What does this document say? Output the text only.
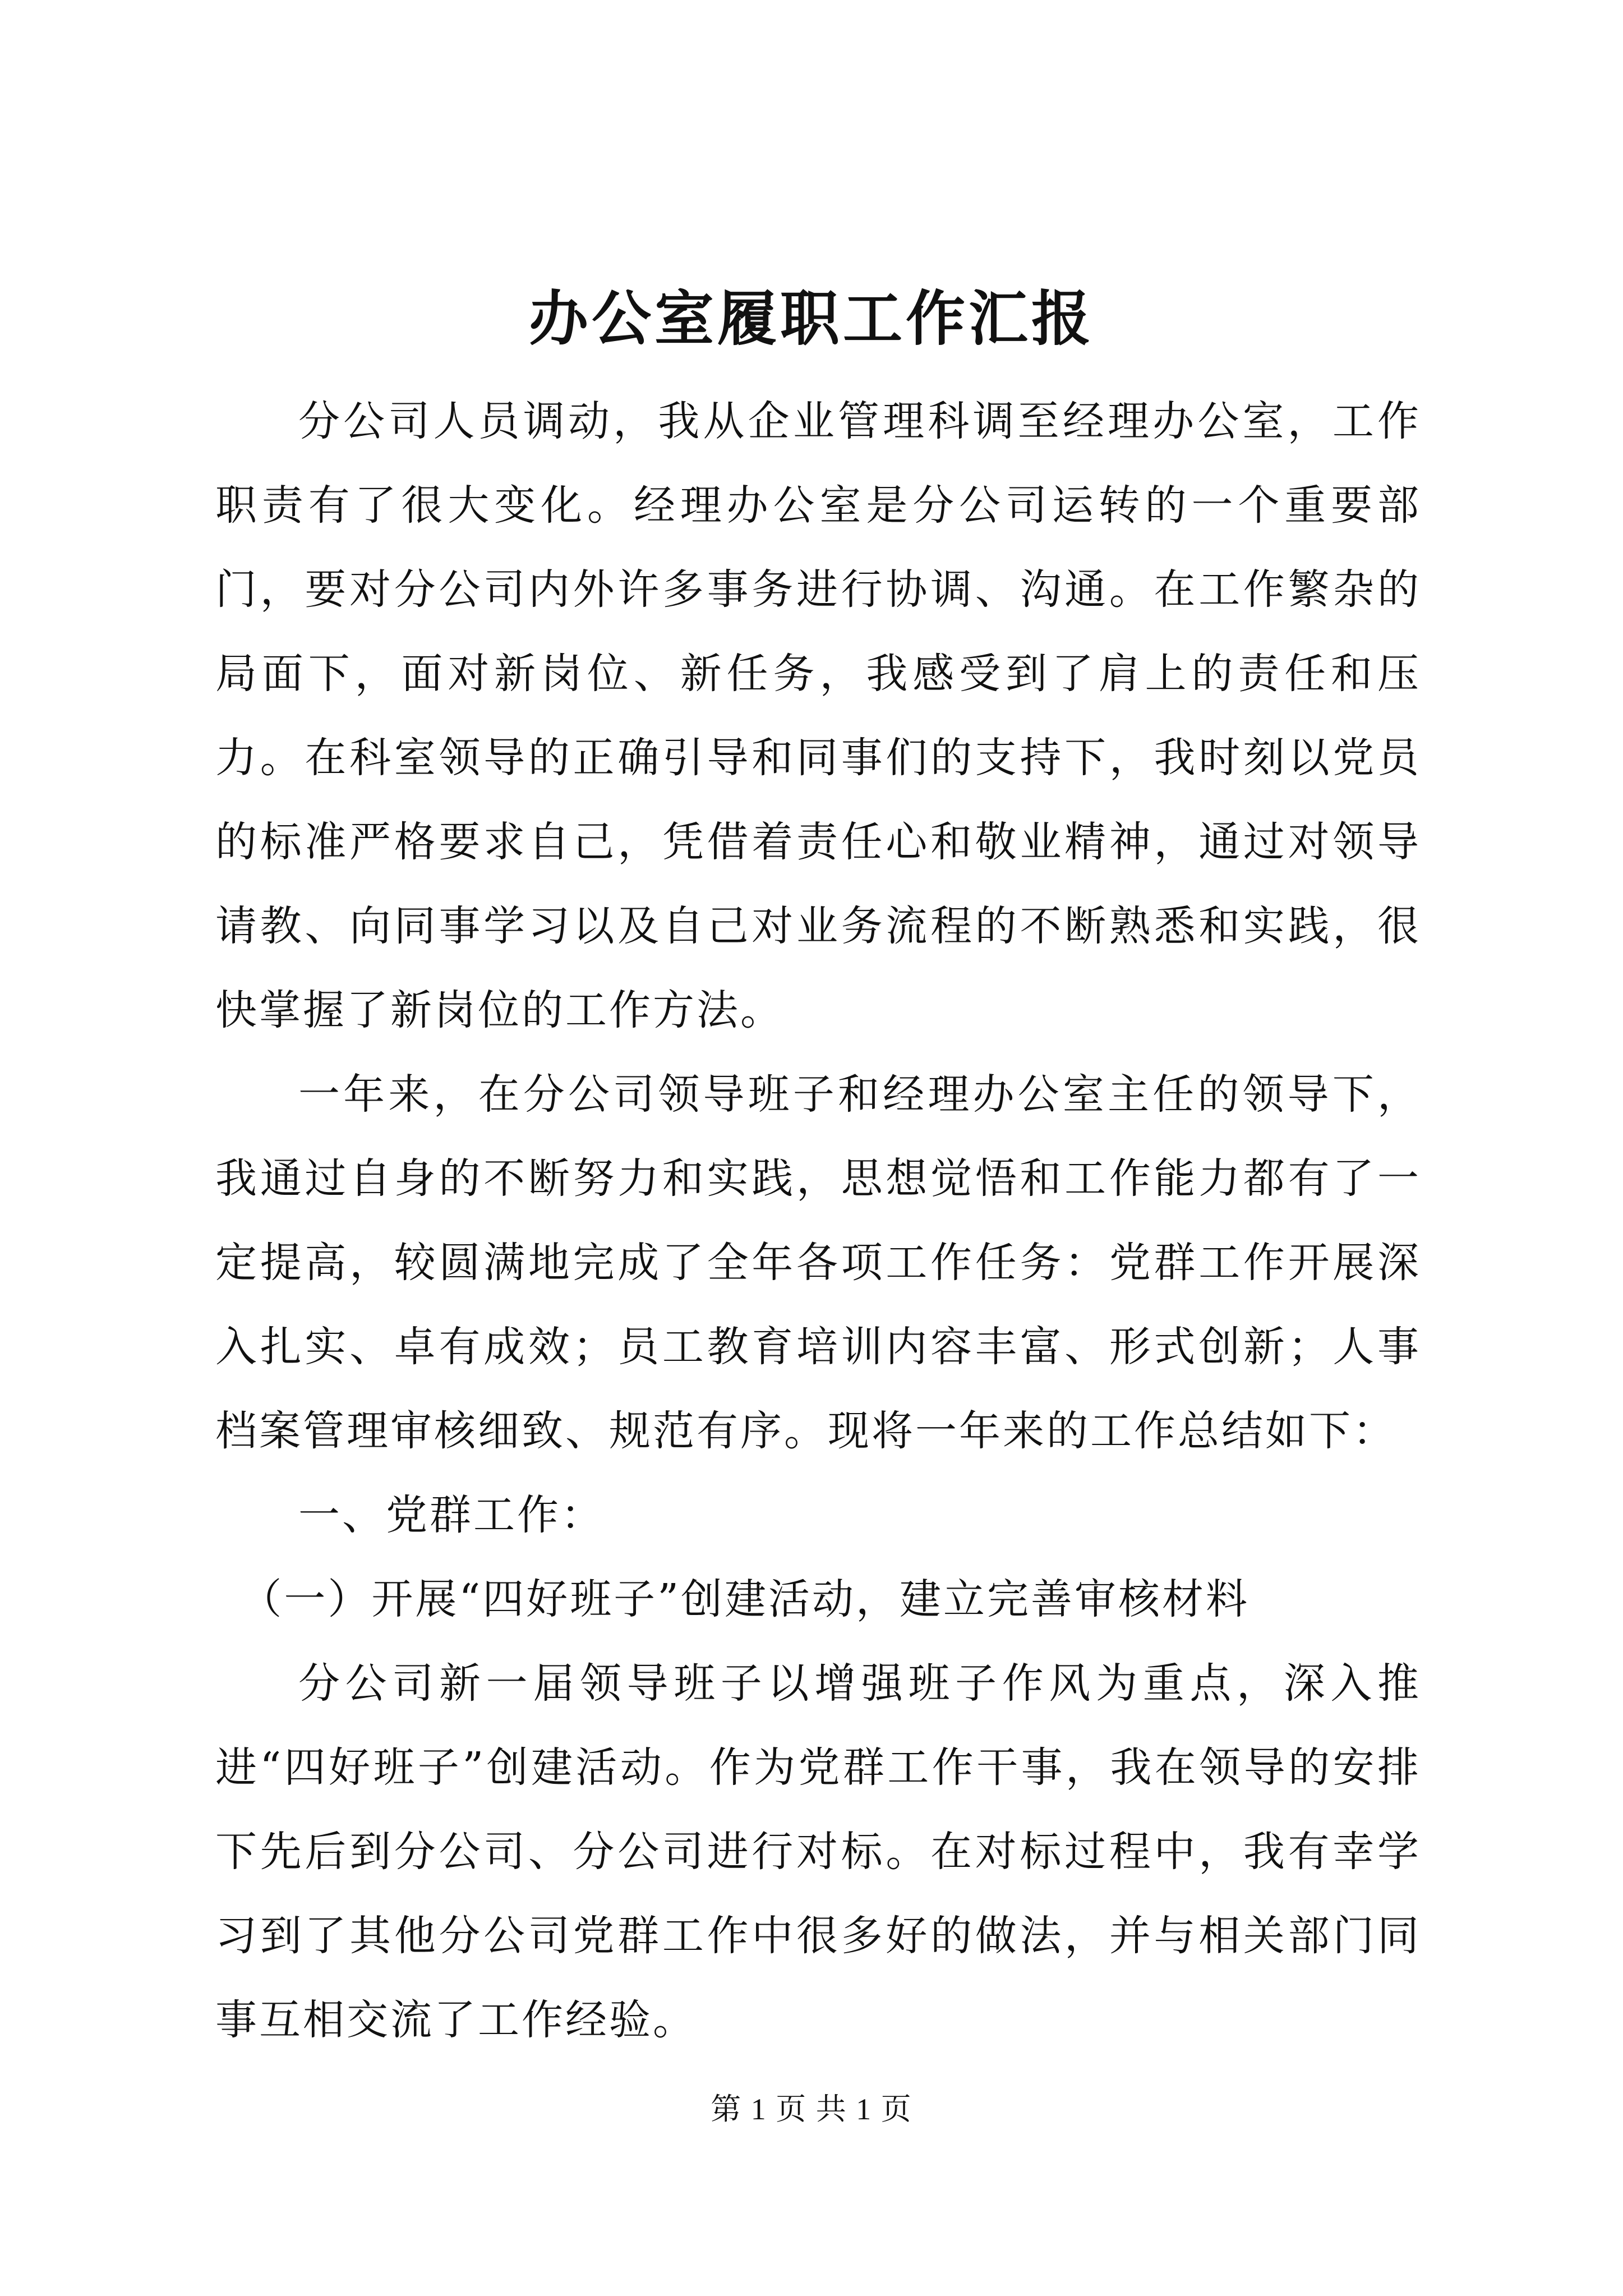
办公室履职工作汇报

分公司人员调动，我从企业管理科调至经理办公室，工作职责有了很大变化。经理办公室是分公司运转的一个重要部门，要对分公司内外许多事务进行协调、沟通。在工作繁杂的局面下，面对新岗位、新任务，我感受到了肩上的责任和压力。在科室领导的正确引导和同事们的支持下，我时刻以党员的标准严格要求自己，凭借着责任心和敬业精神，通过对领导请教、向同事学习以及自己对业务流程的不断熟悉和实践，很快掌握了新岗位的工作方法。

一年来，在分公司领导班子和经理办公室主任的领导下，我通过自身的不断努力和实践，思想觉悟和工作能力都有了一定提高，较圆满地完成了全年各项工作任务：党群工作开展深入扎实、卓有成效；员工教育培训内容丰富、形式创新；人事档案管理审核细致、规范有序。现将一年来的工作总结如下：

一、党群工作：

（一）开展“四好班子”创建活动，建立完善审核材料

分公司新一届领导班子以增强班子作风为重点，深入推进“四好班子”创建活动。作为党群工作干事，我在领导的安排下先后到分公司、分公司进行对标。在对标过程中，我有幸学习到了其他分公司党群工作中很多好的做法，并与相关部门同事互相交流了工作经验。

第 1 页 共 1 页
